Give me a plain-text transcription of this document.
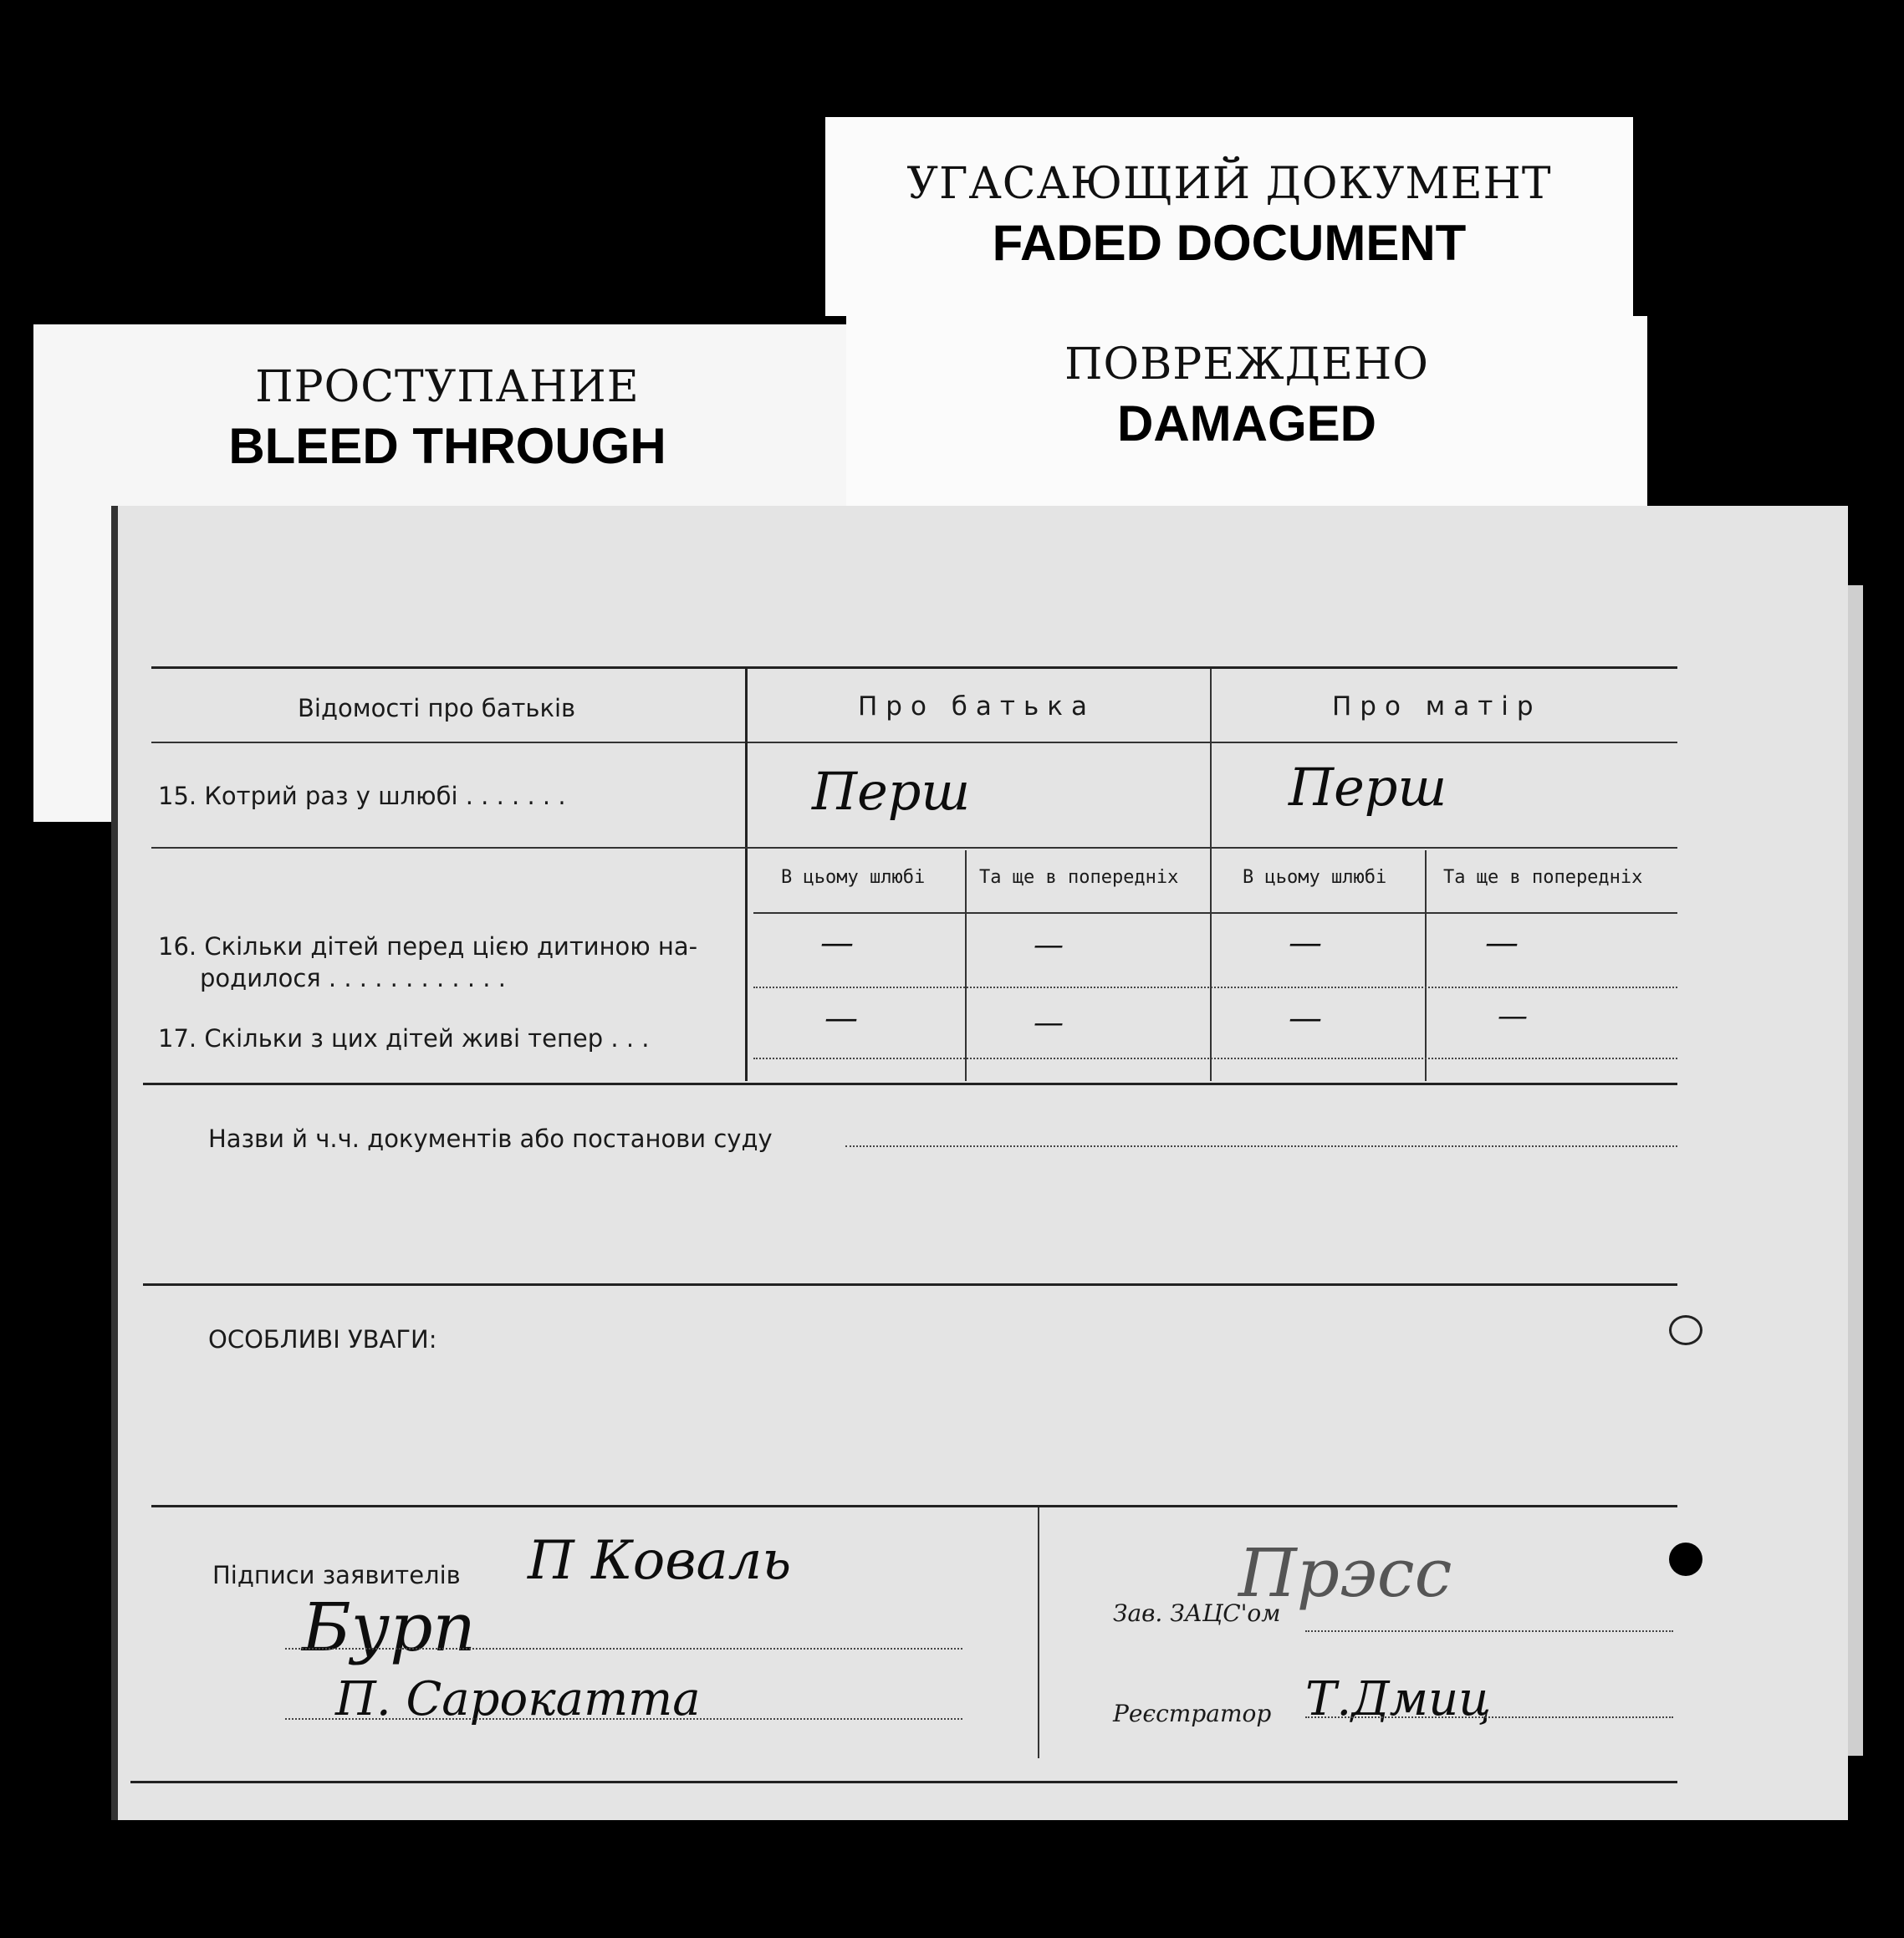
ПРОСТУПАНИЕ
BLEED THROUGH
УГАСАЮЩИЙ ДОКУМЕНТ
FADED DOCUMENT
ПОВРЕЖДЕНО
DAMAGED
Відомості про батьків	Про батька	Про матір
15. Котрий раз у шлюбі . . . . . . .	Перш	Перш
В цьому шлюбі	Та ще в попередніх	В цьому шлюбі	Та ще в попередніх
16. Скільки дітей перед цією дитиною на-
родилося . . . . . . . . . . . .
—	—	—	—
17. Скільки з цих дітей живі тепер . . .
—	—	—	—
Назви й ч.ч. документів або постанови суду
ОСОБЛИВІ УВАГИ:
Підписи заявителів П Коваль
Бурп
П. Сарокатта
Зав. ЗАЦС'ом
Прэсс
Реєстратор Т.Дмиц
